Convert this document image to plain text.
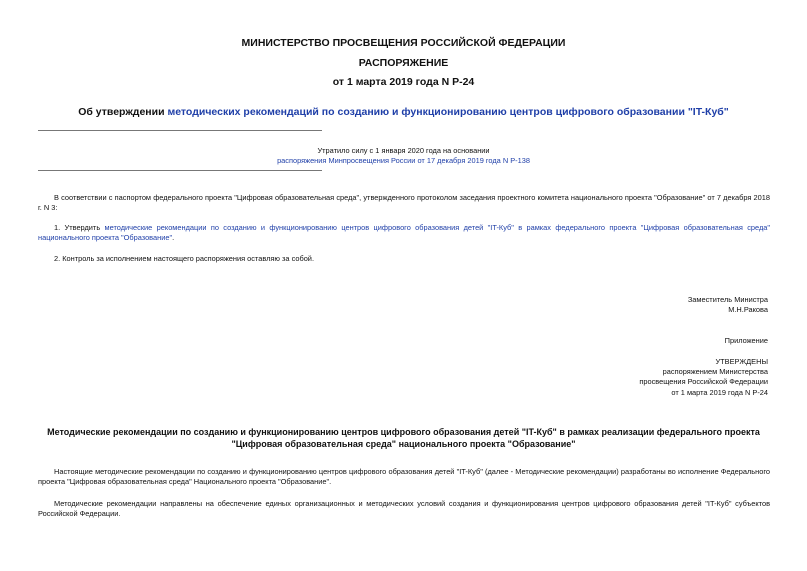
МИНИСТЕРСТВО ПРОСВЕЩЕНИЯ РОССИЙСКОЙ ФЕДЕРАЦИИ
РАСПОРЯЖЕНИЕ
от 1 марта 2019 года N Р-24
Об утверждении методических рекомендаций по созданию и функционированию центров цифрового образовании "IT-Куб"
Утратило силу с 1 января 2020 года на основании
распоряжения Минпросвещения России от 17 декабря 2019 года N Р-138
В соответствии с паспортом федерального проекта "Цифровая образовательная среда", утвержденного протоколом заседания проектного комитета национального проекта "Образование" от 7 декабря 2018 г. N 3:
1. Утвердить методические рекомендации по созданию и функционированию центров цифрового образования детей "IT-Куб" в рамках федерального проекта "Цифровая образовательная среда" национального проекта "Образование".
2. Контроль за исполнением настоящего распоряжения оставляю за собой.
Заместитель Министра
М.Н.Ракова
Приложение
УТВЕРЖДЕНЫ
распоряжением Министерства
просвещения Российской Федерации
от 1 марта 2019 года N Р-24
Методические рекомендации по созданию и функционированию центров цифрового образования детей "IT-Куб" в рамках реализации федерального проекта
"Цифровая образовательная среда" национального проекта "Образование"
Настоящие методические рекомендации по созданию и функционированию центров цифрового образования детей "IT-Куб" (далее - Методические рекомендации) разработаны во исполнение Федерального проекта "Цифровая образовательная среда" Национального проекта "Образование".
Методические рекомендации направлены на обеспечение единых организационных и методических условий создания и функционирования центров цифрового образования детей "IT-Куб" субъектов Российской Федерации.
